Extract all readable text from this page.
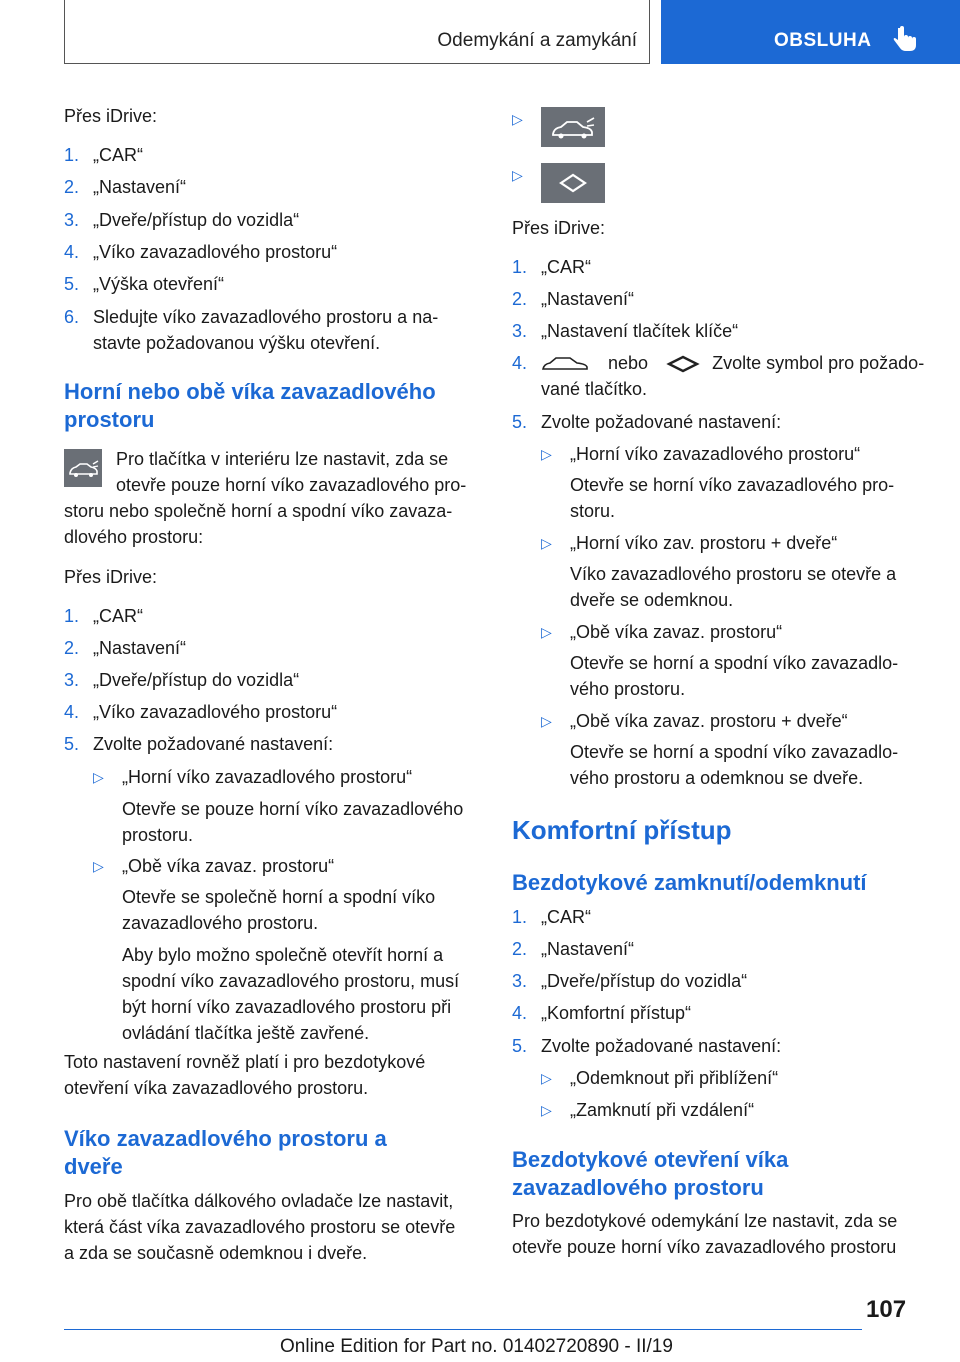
Odemykání a zamykání	OBSLUHA

Přes iDrive:

1. „CAR“
2. „Nastavení“
3. „Dveře/přístup do vozidla“
4. „Víko zavazadlového prostoru“
5. „Výška otevření“
6. Sledujte víko zavazadlového prostoru a na-
stavte požadovanou výšku otevření.
Horní nebo obě víka zavazadlového
prostoru

Pro tlačítka v interiéru lze nastavit, zda se

otevře pouze horní víko zavazadlového pro-

storu nebo společně horní a spodní víko zavaza-

dlového prostoru:

Přes iDrive:

1. „CAR“
2. „Nastavení“
3. „Dveře/přístup do vozidla“
4. „Víko zavazadlového prostoru“
5. Zvolte požadované nastavení:
▷ „Horní víko zavazadlového prostoru“

Otevře se pouze horní víko zavazadlového

prostoru.

▷ „Obě víka zavaz. prostoru“

Otevře se společně horní a spodní víko

zavazadlového prostoru.

Aby bylo možno společně otevřít horní a

spodní víko zavazadlového prostoru, musí

být horní víko zavazadlového prostoru při

ovládání tlačítka ještě zavřené.

Toto nastavení rovněž platí i pro bezdotykové

otevření víka zavazadlového prostoru.

Víko zavazadlového prostoru a
dveře

Pro obě tlačítka dálkového ovladače lze nastavit,

která část víka zavazadlového prostoru se otevře

a zda se současně odemknou i dveře.

▷
▷

Přes iDrive:

1. „CAR“
2. „Nastavení“
3. „Nastavení tlačítek klíče“
4.	nebo	Zvolte symbol pro požado-
vané tlačítko.
5. Zvolte požadované nastavení:
▷ „Horní víko zavazadlového prostoru“

Otevře se horní víko zavazadlového pro-

storu.

▷ „Horní víko zav. prostoru + dveře“

Víko zavazadlového prostoru se otevře a

dveře se odemknou.

▷ „Obě víka zavaz. prostoru“

Otevře se horní a spodní víko zavazadlo-

vého prostoru.

▷ „Obě víka zavaz. prostoru + dveře“

Otevře se horní a spodní víko zavazadlo-

vého prostoru a odemknou se dveře.

Komfortní přístup
Bezdotykové zamknutí/odemknutí
1. „CAR“
2. „Nastavení“
3. „Dveře/přístup do vozidla“
4. „Komfortní přístup“
5. Zvolte požadované nastavení:
▷ „Odemknout při přiblížení“
▷ „Zamknutí při vzdálení“
Bezdotykové otevření víka
zavazadlového prostoru

Pro bezdotykové odemykání lze nastavit, zda se

otevře pouze horní víko zavazadlového prostoru

107
Online Edition for Part no. 01402720890 - II/19
